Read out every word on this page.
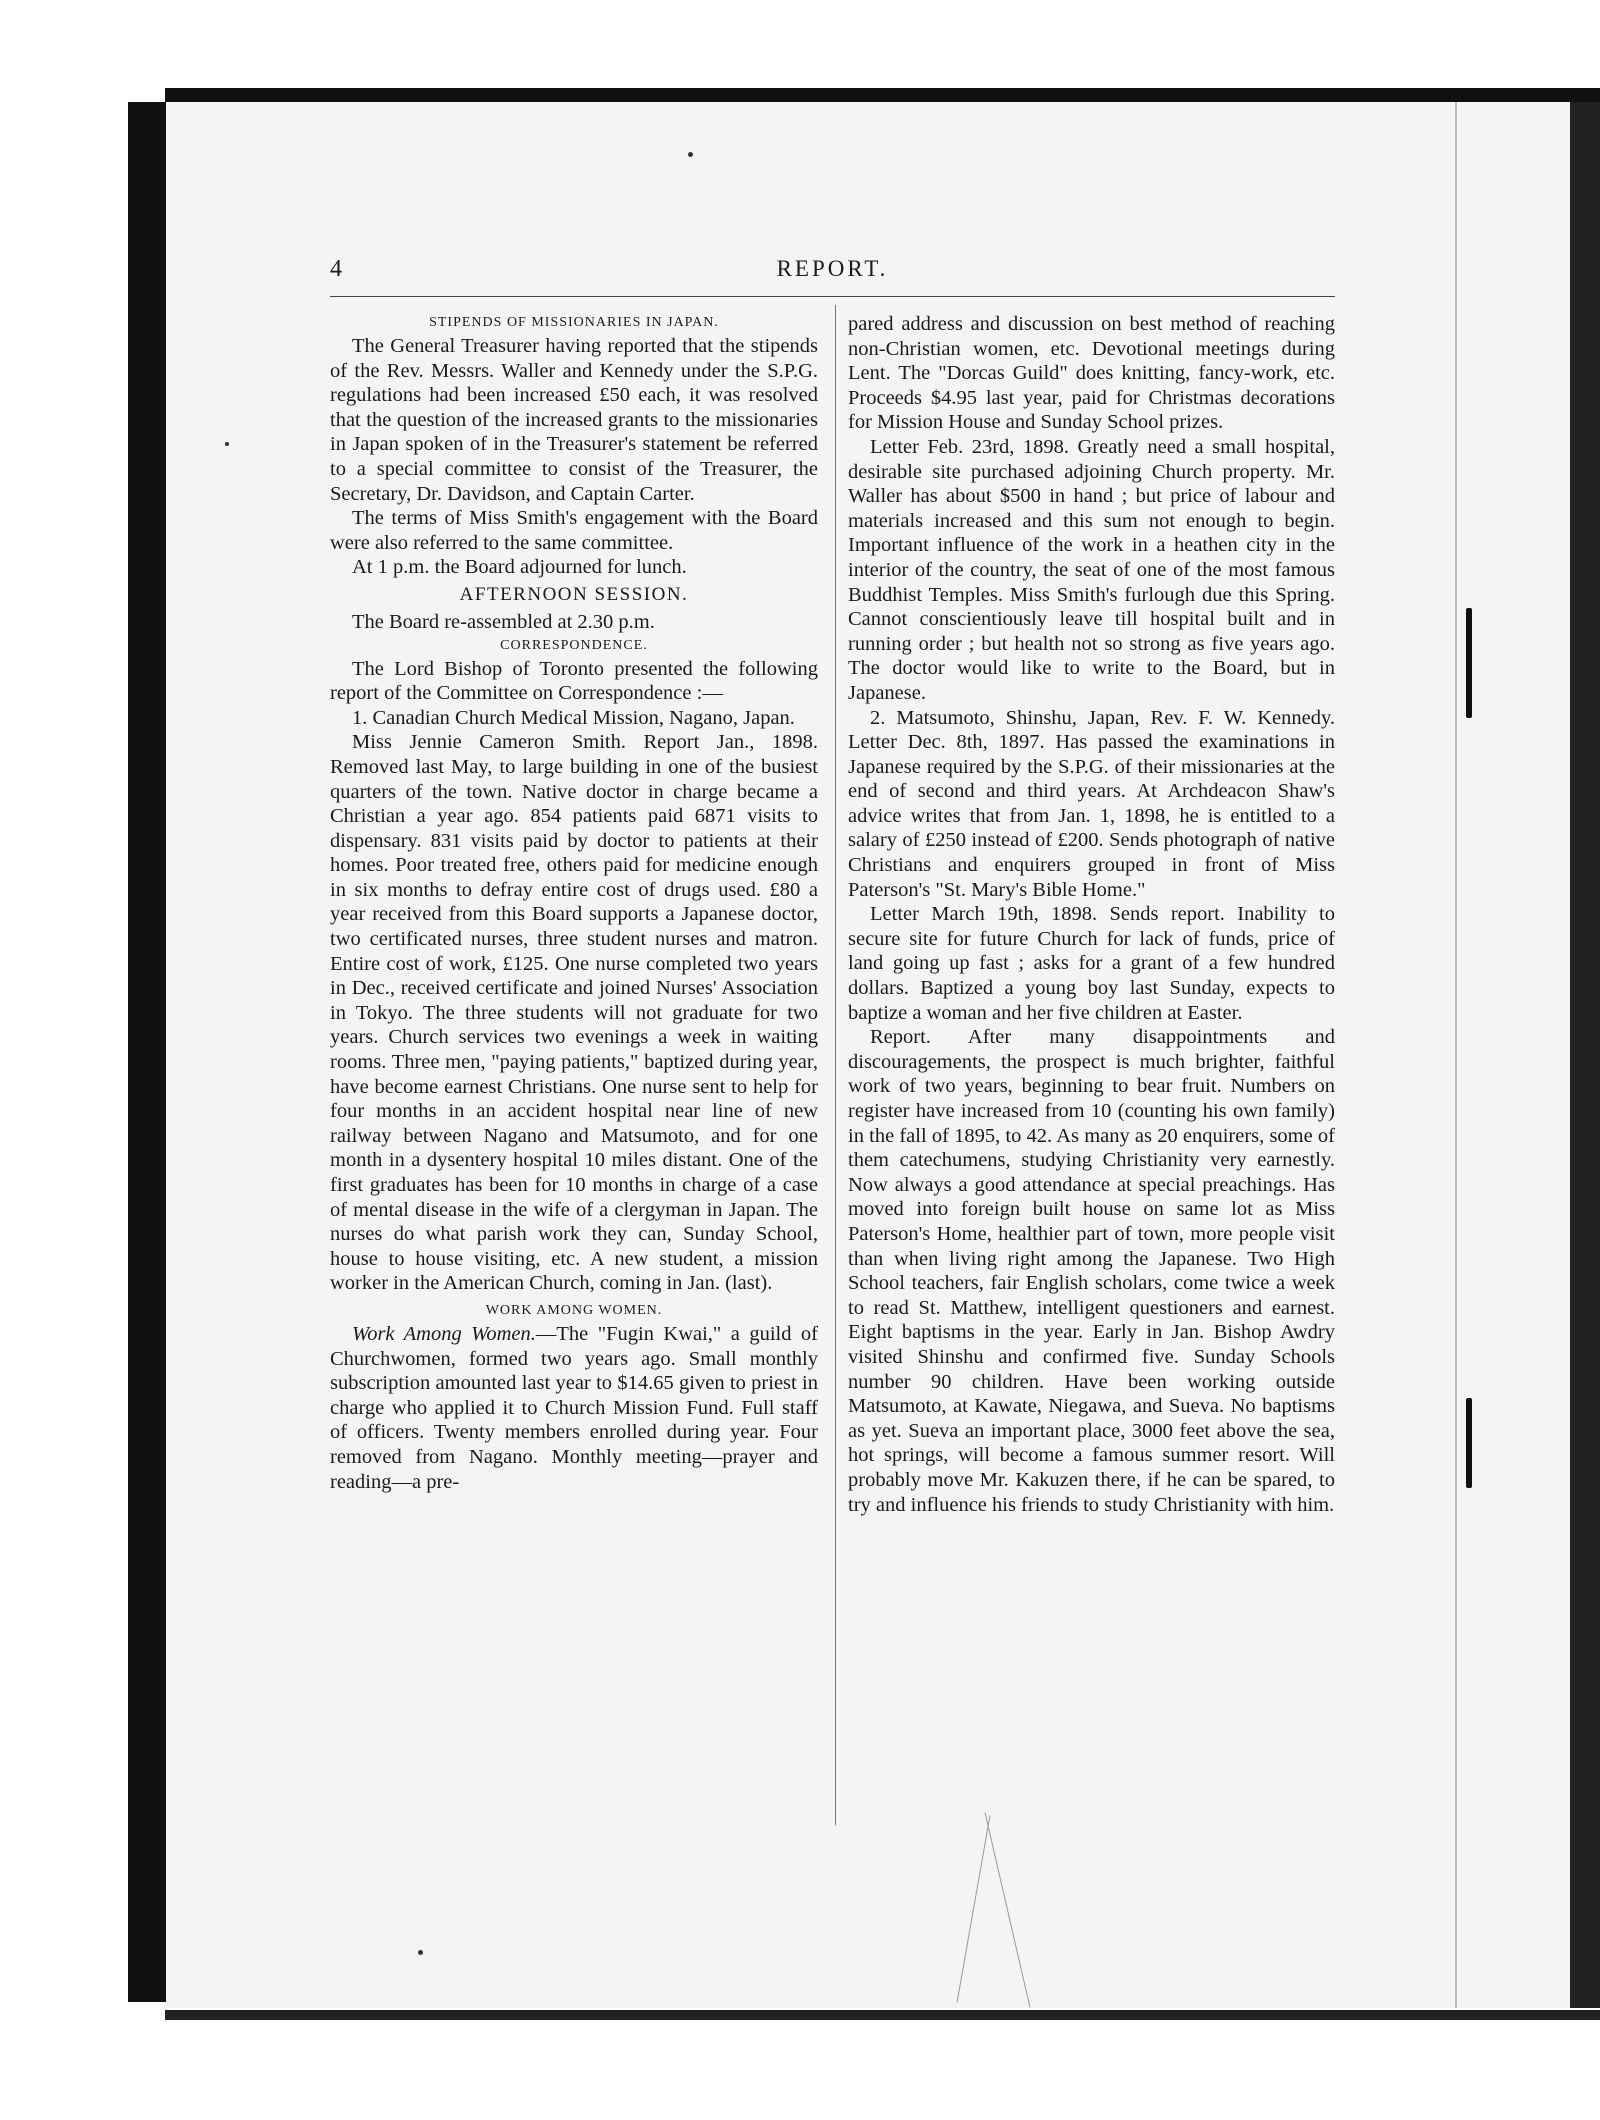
4	REPORT.

STIPENDS OF MISSIONARIES IN JAPAN.

The General Treasurer having reported that the stipends of the Rev. Messrs. Waller and Kennedy under the S.P.G. regulations had been increased £50 each, it was resolved that the question of the increased grants to the missionaries in Japan spoken of in the Treasurer's statement be referred to a special committee to consist of the Treasurer, the Secretary, Dr. Davidson, and Captain Carter.

The terms of Miss Smith's engagement with the Board were also referred to the same committee.

At 1 p.m. the Board adjourned for lunch.

AFTERNOON SESSION.

The Board re-assembled at 2.30 p.m.

CORRESPONDENCE.

The Lord Bishop of Toronto presented the following report of the Committee on Correspondence :—

1. Canadian Church Medical Mission, Nagano, Japan.

Miss Jennie Cameron Smith. Report Jan., 1898. Removed last May, to large building in one of the busiest quarters of the town. Native doctor in charge became a Christian a year ago. 854 patients paid 6871 visits to dispensary. 831 visits paid by doctor to patients at their homes. Poor treated free, others paid for medicine enough in six months to defray entire cost of drugs used. £80 a year received from this Board supports a Japanese doctor, two certificated nurses, three student nurses and matron. Entire cost of work, £125. One nurse completed two years in Dec., received certificate and joined Nurses' Association in Tokyo. The three students will not graduate for two years. Church services two evenings a week in waiting rooms. Three men, "paying patients," baptized during year, have become earnest Christians. One nurse sent to help for four months in an accident hospital near line of new railway between Nagano and Matsumoto, and for one month in a dysentery hospital 10 miles distant. One of the first graduates has been for 10 months in charge of a case of mental disease in the wife of a clergyman in Japan. The nurses do what parish work they can, Sunday School, house to house visiting, etc. A new student, a mission worker in the American Church, coming in Jan. (last).

WORK AMONG WOMEN.

Work Among Women.—The "Fugin Kwai," a guild of Churchwomen, formed two years ago. Small monthly subscription amounted last year to $14.65 given to priest in charge who applied it to Church Mission Fund. Full staff of officers. Twenty members enrolled during year. Four removed from Nagano. Monthly meeting—prayer and reading—a pre-

pared address and discussion on best method of reaching non-Christian women, etc. Devotional meetings during Lent. The "Dorcas Guild" does knitting, fancy-work, etc. Proceeds $4.95 last year, paid for Christmas decorations for Mission House and Sunday School prizes.

Letter Feb. 23rd, 1898. Greatly need a small hospital, desirable site purchased adjoining Church property. Mr. Waller has about $500 in hand ; but price of labour and materials increased and this sum not enough to begin. Important influence of the work in a heathen city in the interior of the country, the seat of one of the most famous Buddhist Temples. Miss Smith's furlough due this Spring. Cannot conscientiously leave till hospital built and in running order ; but health not so strong as five years ago. The doctor would like to write to the Board, but in Japanese.

2. Matsumoto, Shinshu, Japan, Rev. F. W. Kennedy. Letter Dec. 8th, 1897. Has passed the examinations in Japanese required by the S.P.G. of their missionaries at the end of second and third years. At Archdeacon Shaw's advice writes that from Jan. 1, 1898, he is entitled to a salary of £250 instead of £200. Sends photograph of native Christians and enquirers grouped in front of Miss Paterson's "St. Mary's Bible Home."

Letter March 19th, 1898. Sends report. Inability to secure site for future Church for lack of funds, price of land going up fast ; asks for a grant of a few hundred dollars. Baptized a young boy last Sunday, expects to baptize a woman and her five children at Easter.

Report. After many disappointments and discouragements, the prospect is much brighter, faithful work of two years, beginning to bear fruit. Numbers on register have increased from 10 (counting his own family) in the fall of 1895, to 42. As many as 20 enquirers, some of them catechumens, studying Christianity very earnestly. Now always a good attendance at special preachings. Has moved into foreign built house on same lot as Miss Paterson's Home, healthier part of town, more people visit than when living right among the Japanese. Two High School teachers, fair English scholars, come twice a week to read St. Matthew, intelligent questioners and earnest. Eight baptisms in the year. Early in Jan. Bishop Awdry visited Shinshu and confirmed five. Sunday Schools number 90 children. Have been working outside Matsumoto, at Kawate, Niegawa, and Sueva. No baptisms as yet. Sueva an important place, 3000 feet above the sea, hot springs, will become a famous summer resort. Will probably move Mr. Kakuzen there, if he can be spared, to try and influence his friends to study Christianity with him.
